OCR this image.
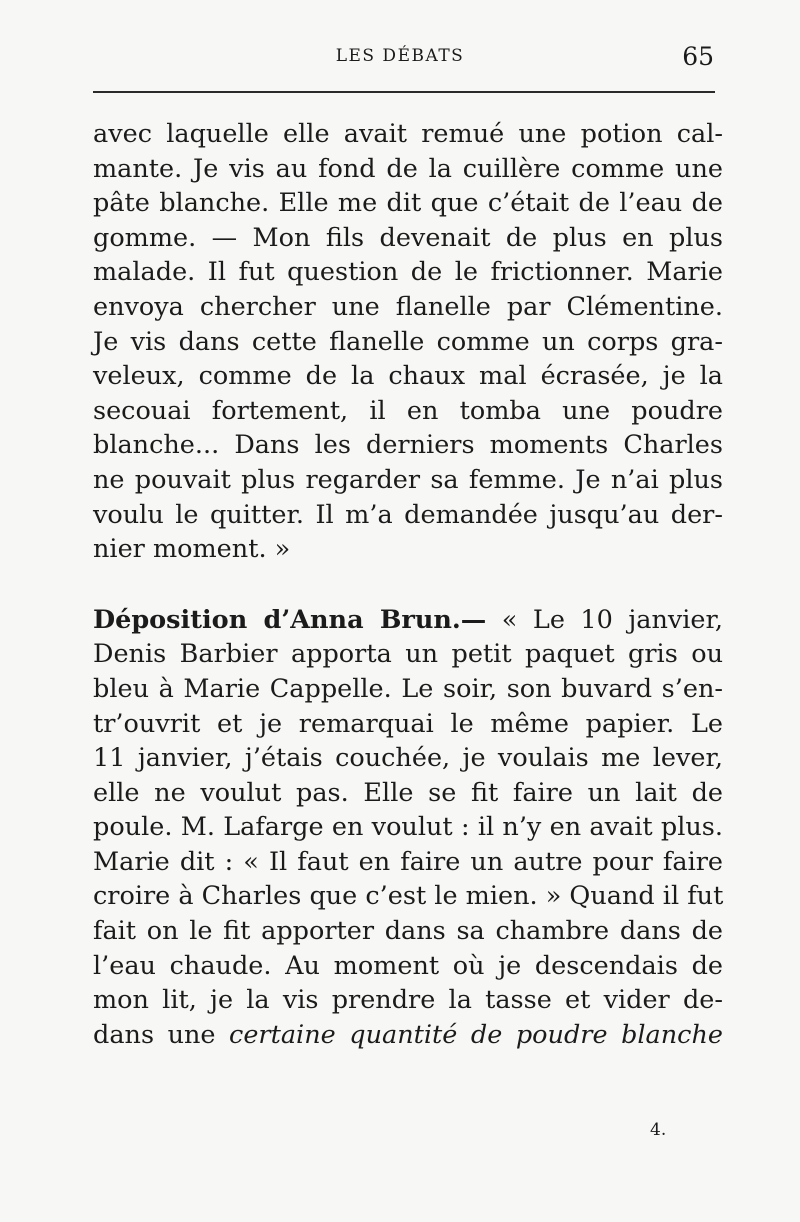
LES DÉBATS	65
avec laquelle elle avait remué une potion cal-
mante. Je vis au fond de la cuillère comme une
pâte blanche. Elle me dit que c’était de l’eau de
gomme. — Mon fils devenait de plus en plus
malade. Il fut question de le frictionner. Marie
envoya chercher une flanelle par Clémentine.
Je vis dans cette flanelle comme un corps gra-
veleux, comme de la chaux mal écrasée, je la
secouai fortement, il en tomba une poudre
blanche... Dans les derniers moments Charles
ne pouvait plus regarder sa femme. Je n’ai plus
voulu le quitter. Il m’a demandée jusqu’au der-
nier moment. »
Déposition d’Anna Brun.— « Le 10 janvier,
Denis Barbier apporta un petit paquet gris ou
bleu à Marie Cappelle. Le soir, son buvard s’en-
tr’ouvrit et je remarquai le même papier. Le
11 janvier, j’étais couchée, je voulais me lever,
elle ne voulut pas. Elle se fit faire un lait de
poule. M. Lafarge en voulut : il n’y en avait plus.
Marie dit : « Il faut en faire un autre pour faire
croire à Charles que c’est le mien. » Quand il fut
fait on le fit apporter dans sa chambre dans de
l’eau chaude. Au moment où je descendais de
mon lit, je la vis prendre la tasse et vider de-
dans une certaine quantité de poudre blanche
4.
